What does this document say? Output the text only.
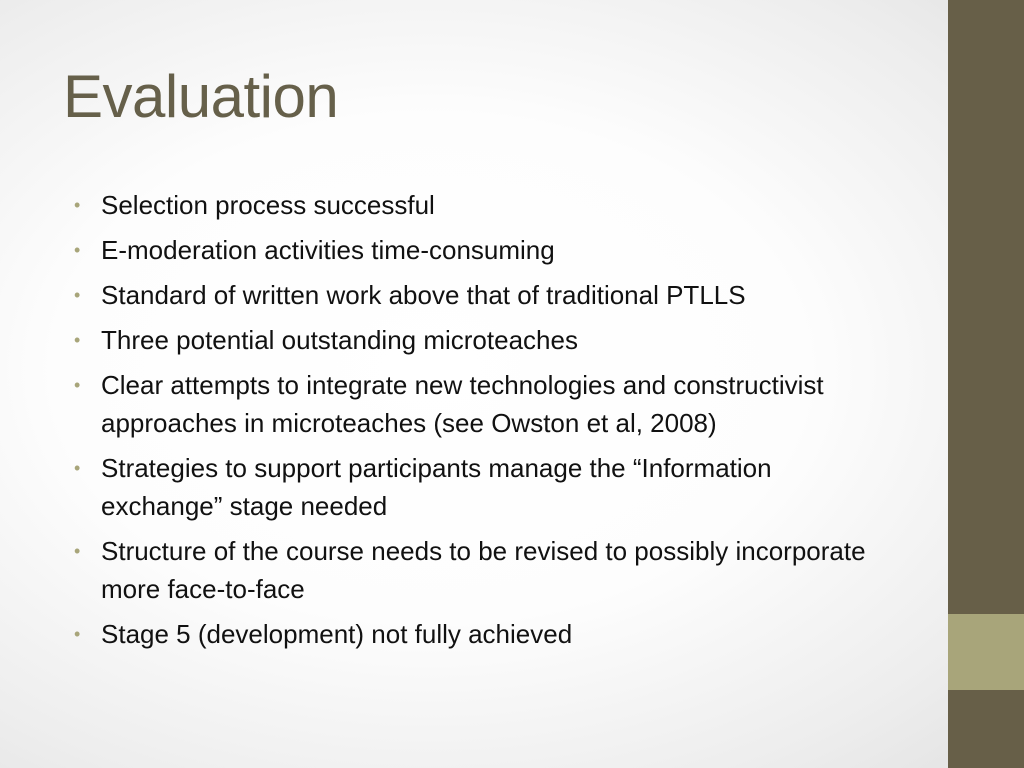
Evaluation
• Selection process successful
• E-moderation activities time-consuming
• Standard of written work above that of traditional PTLLS
• Three potential outstanding microteaches
• Clear attempts to integrate new technologies and constructivist approaches in microteaches (see Owston et al, 2008)
• Strategies to support participants manage the “Information exchange” stage needed
• Structure of the course needs to be revised to possibly incorporate more face-to-face
• Stage 5 (development) not fully achieved
